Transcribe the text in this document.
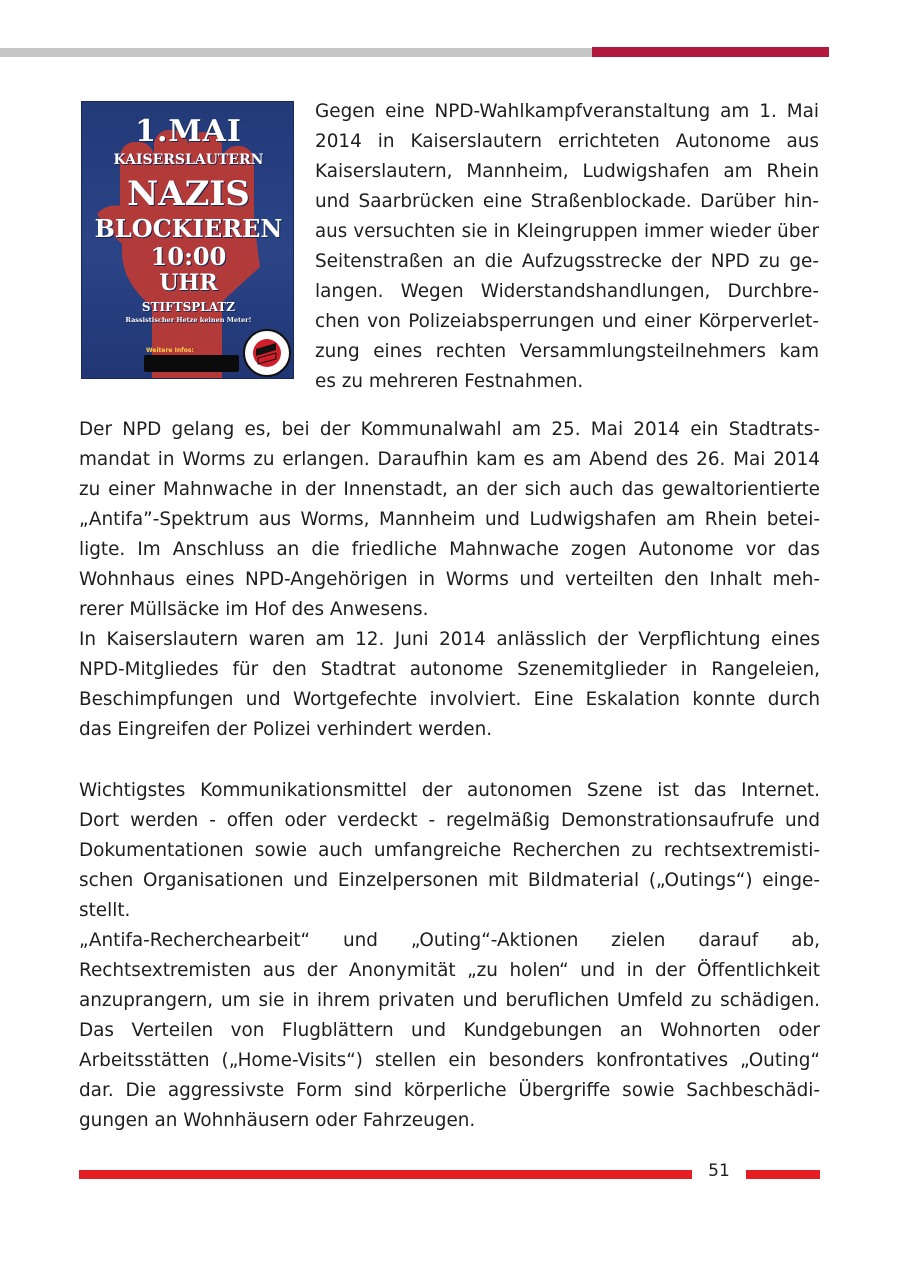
1.MAI
KAISERSLAUTERN
NAZIS
BLOCKIEREN
10:00
UHR
STIFTSPLATZ
Rassistischer Hetze keinen Meter!
Weitere Infos:
Gegen eine NPD-Wahlkampfveranstaltung am 1. Mai
2014 in Kaiserslautern errichteten Autonome aus
Kaiserslautern, Mannheim, Ludwigshafen am Rhein
und Saarbrücken eine Straßenblockade. Darüber hin-
aus versuchten sie in Kleingruppen immer wieder über
Seitenstraßen an die Aufzugsstrecke der NPD zu ge-
langen. Wegen Widerstandshandlungen, Durchbre-
chen von Polizeiabsperrungen und einer Körperverlet-
zung eines rechten Versammlungsteilnehmers kam
es zu mehreren Festnahmen.
Der NPD gelang es, bei der Kommunalwahl am 25. Mai 2014 ein Stadtrats-
mandat in Worms zu erlangen. Daraufhin kam es am Abend des 26. Mai 2014
zu einer Mahnwache in der Innenstadt, an der sich auch das gewaltorientierte
„Antifa”-Spektrum aus Worms, Mannheim und Ludwigshafen am Rhein betei-
ligte. Im Anschluss an die friedliche Mahnwache zogen Autonome vor das
Wohnhaus eines NPD-Angehörigen in Worms und verteilten den Inhalt meh-
rerer Müllsäcke im Hof des Anwesens.
In Kaiserslautern waren am 12. Juni 2014 anlässlich der Verpflichtung eines
NPD-Mitgliedes für den Stadtrat autonome Szenemitglieder in Rangeleien,
Beschimpfungen und Wortgefechte involviert. Eine Eskalation konnte durch
das Eingreifen der Polizei verhindert werden.
Wichtigstes Kommunikationsmittel der autonomen Szene ist das Internet.
Dort werden - offen oder verdeckt - regelmäßig Demonstrationsaufrufe und
Dokumentationen sowie auch umfangreiche Recherchen zu rechtsextremisti-
schen Organisationen und Einzelpersonen mit Bildmaterial („Outings“) einge-
stellt.
„Antifa-Recherchearbeit“ und „Outing“-Aktionen zielen darauf ab,
Rechtsextremisten aus der Anonymität „zu holen“ und in der Öffentlichkeit
anzuprangern, um sie in ihrem privaten und beruflichen Umfeld zu schädigen.
Das Verteilen von Flugblättern und Kundgebungen an Wohnorten oder
Arbeitsstätten („Home-Visits“) stellen ein besonders konfrontatives „Outing“
dar. Die aggressivste Form sind körperliche Übergriffe sowie Sachbeschädi-
gungen an Wohnhäusern oder Fahrzeugen.
51
